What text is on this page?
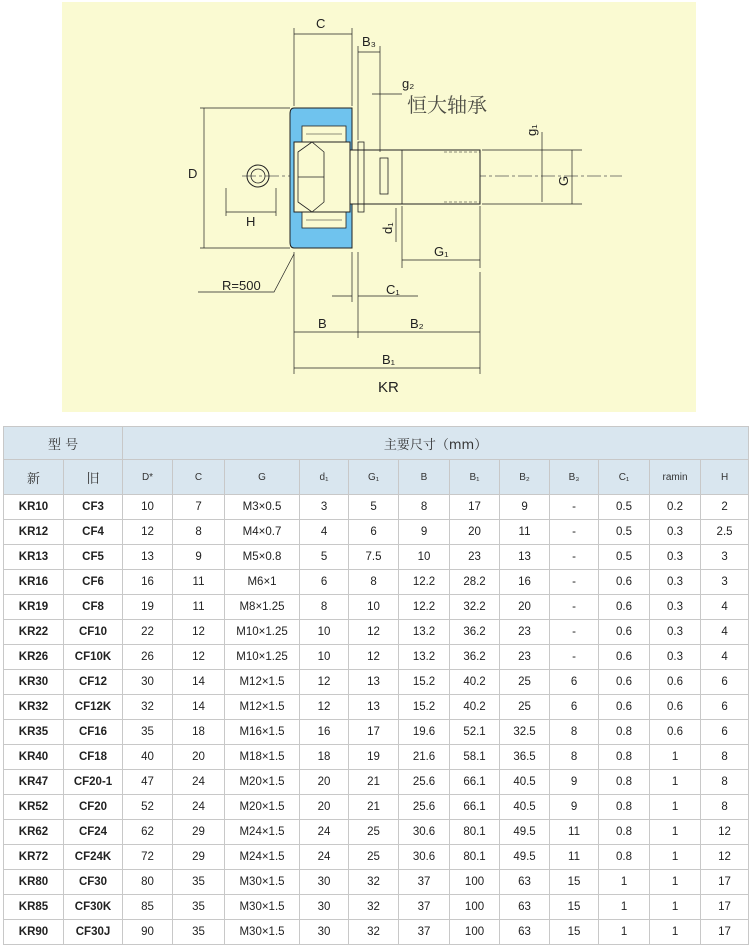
恒大轴承
C
B₃
g₂
g₁
D	G
d₁
H
G₁
R=500	C₁
B	B₂
B₁
KR
型 号		主要尺寸（mm）											
新	旧	D*	C	G	d₁	G₁	B	B₁	B₂	B₃	C₁	ramin	H
KR10	CF3	10	7	M3×0.5	3	5	8	17	9	-	0.5	0.2	2
KR12	CF4	12	8	M4×0.7	4	6	9	20	11	-	0.5	0.3	2.5
KR13	CF5	13	9	M5×0.8	5	7.5	10	23	13	-	0.5	0.3	3
KR16	CF6	16	11	M6×1	6	8	12.2	28.2	16	-	0.6	0.3	3
KR19	CF8	19	11	M8×1.25	8	10	12.2	32.2	20	-	0.6	0.3	4
KR22	CF10	22	12	M10×1.25	10	12	13.2	36.2	23	-	0.6	0.3	4
KR26	CF10K	26	12	M10×1.25	10	12	13.2	36.2	23	-	0.6	0.3	4
KR30	CF12	30	14	M12×1.5	12	13	15.2	40.2	25	6	0.6	0.6	6
KR32	CF12K	32	14	M12×1.5	12	13	15.2	40.2	25	6	0.6	0.6	6
KR35	CF16	35	18	M16×1.5	16	17	19.6	52.1	32.5	8	0.8	0.6	6
KR40	CF18	40	20	M18×1.5	18	19	21.6	58.1	36.5	8	0.8	1	8
KR47	CF20-1	47	24	M20×1.5	20	21	25.6	66.1	40.5	9	0.8	1	8
KR52	CF20	52	24	M20×1.5	20	21	25.6	66.1	40.5	9	0.8	1	8
KR62	CF24	62	29	M24×1.5	24	25	30.6	80.1	49.5	11	0.8	1	12
KR72	CF24K	72	29	M24×1.5	24	25	30.6	80.1	49.5	11	0.8	1	12
KR80	CF30	80	35	M30×1.5	30	32	37	100	63	15	1	1	17
KR85	CF30K	85	35	M30×1.5	30	32	37	100	63	15	1	1	17
KR90	CF30J	90	35	M30×1.5	30	32	37	100	63	15	1	1	17
